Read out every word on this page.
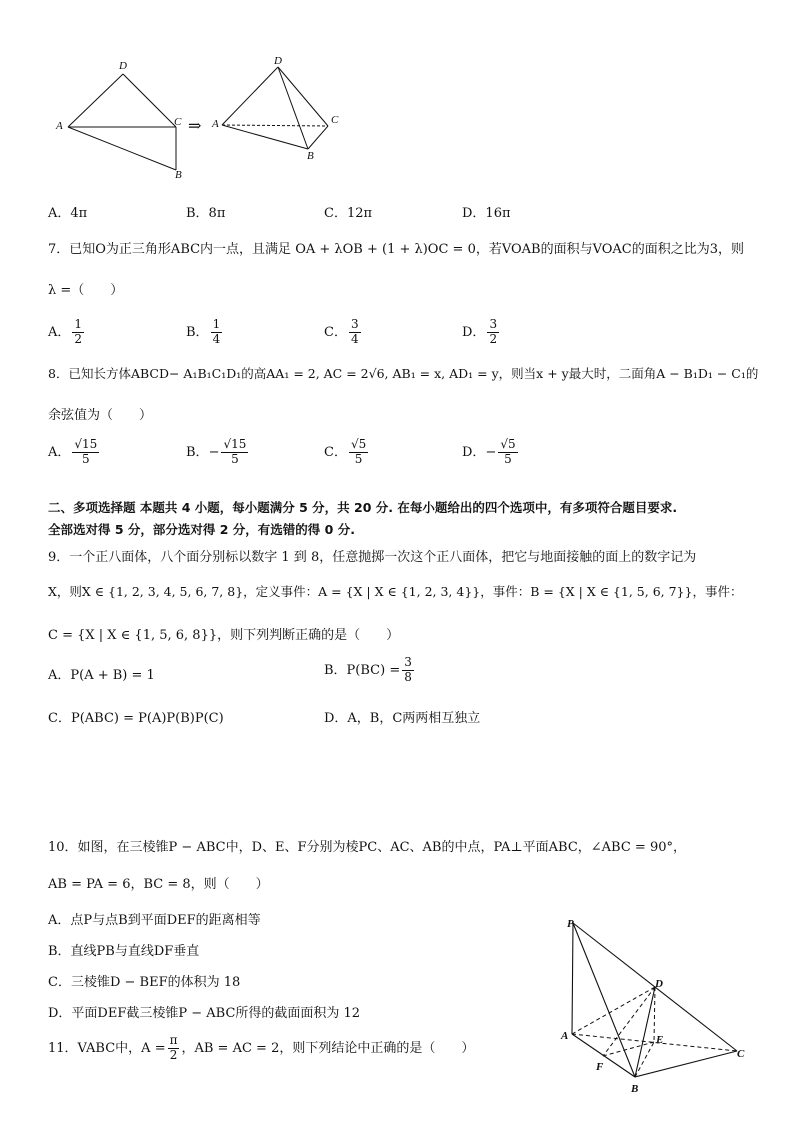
D
A	C
B
⇒
D
A	C
B
A．4π	B．8π	C．12π	D．16π
7．已知O为正三角形ABC内一点，且满足 OA + λOB + (1 + λ)OC = 0，若VOAB的面积与VOAC的面积之比为3，则
λ =（　　）
A． $\frac{1}{2}$	B． $\frac{1}{4}$	C． $\frac{3}{4}$	D． $\frac{3}{2}$
8．已知长方体ABCD− A₁B₁C₁D₁的高AA₁ = 2, AC = 2√6, AB₁ = x, AD₁ = y，则当x + y最大时，二面角A − B₁D₁ − C₁的
余弦值为（　　）
A． $\frac{√15}{5}$	B．− $\frac{√15}{5}$	C． $\frac{√5}{5}$	D．− $\frac{√5}{5}$
二、多项选择题 本题共 4 小题，每小题满分 5 分，共 20 分. 在每小题给出的四个选项中，有多项符合题目要求.
全部选对得 5 分，部分选对得 2 分，有选错的得 0 分.
9．一个正八面体，八个面分别标以数字 1 到 8，任意抛掷一次这个正八面体，把它与地面接触的面上的数字记为
X，则X ∈ {1, 2, 3, 4, 5, 6, 7, 8}，定义事件：A = {X | X ∈ {1, 2, 3, 4}}，事件：B = {X | X ∈ {1, 5, 6, 7}}，事件：
C = {X | X ∈ {1, 5, 6, 8}}，则下列判断正确的是（　　）
A．P(A + B) = 1	B．$P(BC) = \frac{3}{8}$
C．P(ABC) = P(A)P(B)P(C)	D．A，B，C两两相互独立
10．如图，在三棱锥P − ABC中，D、E、F分别为棱PC、AC、AB的中点，PA⊥平面ABC，∠ABC = 90°，
AB = PA = 6，BC = 8，则（　　）
A．点P与点B到平面DEF的距离相等
B．直线PB与直线DF垂直
C．三棱锥D − BEF的体积为 18
D．平面DEF截三棱锥P − ABC所得的截面面积为 12
11．VABC中，$A = \frac{\pi}{2}$ ，AB = AC = 2，则下列结论中正确的是（　　）
P
D
A	E
C
F
B
